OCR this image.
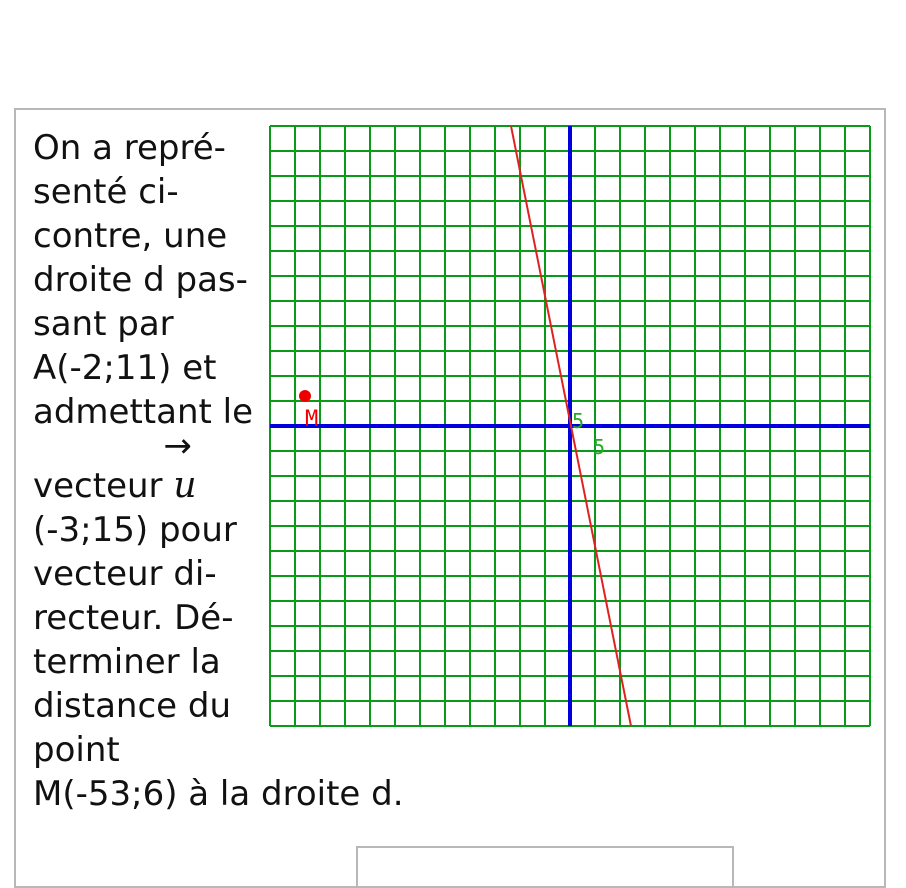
On a repré-
senté ci-
contre, une
droite d pas-
sant par
A(-2;11) et
admettant le
vecteur
→
u
(-3;15) pour
vecteur di-
recteur. Dé-
terminer la
distance du
point
M(-53;6) à la droite d.
M	5
5
